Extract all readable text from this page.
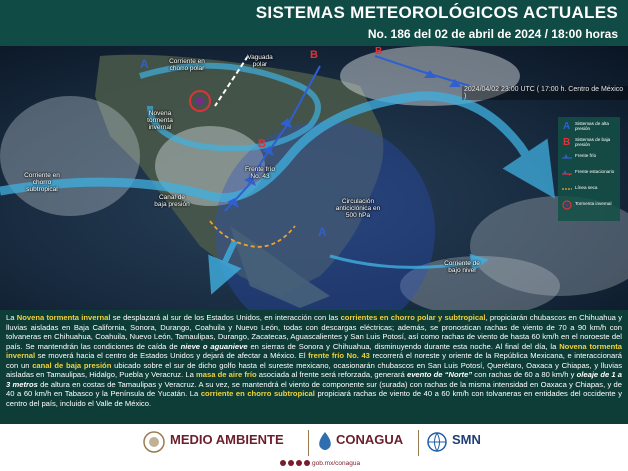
SISTEMAS METEOROLÓGICOS ACTUALES
No. 186 del 02 de abril de 2024 / 18:00 horas
A
A
B
B
B
2024/04/02 23:00 UTC ( 17:00 h. Centro de México )
Corriente en chorro polar
Vaguada polar
Novena tormenta invernal
Frente frío No. 43
Canal de baja presión	Circulación anticiclónica en 500 hPa
Corriente en chorro subtropical
Corriente de bajo nivel
A Sistemas de alta presión
B Sistemas de baja presión
Frente frío
Frente estacionario
Línea seca
Tormenta invernal
La Novena tormenta invernal se desplazará al sur de los Estados Unidos, en interacción con las corrientes en chorro polar y subtropical, propiciarán chubascos en Chihuahua y lluvias aisladas en Baja California, Sonora, Durango, Coahuila y Nuevo León, todas con descargas eléctricas; además, se pronostican rachas de viento de 70 a 90 km/h con tolvaneras en Chihuahua, Coahuila, Nuevo León, Tamaulipas, Durango, Zacatecas, Aguascalientes y San Luis Potosí, así como rachas de viento de hasta 60 km/h en el noroeste del país. Se mantendrán las condiciones de caída de nieve o aguanieve en sierras de Sonora y Chihuahua, disminuyendo durante esta noche. Al final del día, la Novena tormenta invernal se moverá hacia el centro de Estados Unidos y dejará de afectar a México. El frente frío No. 43 recorrerá el noreste y oriente de la República Mexicana, e interaccionará con un canal de baja presión ubicado sobre el sur de dicho golfo hasta el sureste mexicano, ocasionarán chubascos en San Luis Potosí, Querétaro, Oaxaca y Chiapas, y lluvias aisladas en Tamaulipas, Hidalgo, Puebla y Veracruz. La masa de aire frío asociada al frente será reforzada, generará evento de “Norte” con rachas de 60 a 80 km/h y oleaje de 1 a 3 metros de altura en costas de Tamaulipas y Veracruz. A su vez, se mantendrá el viento de componente sur (surada) con rachas de la misma intensidad en Oaxaca y Chiapas, y de 40 a 60 km/h en Tabasco y la Península de Yucatán. La corriente en chorro subtropical propiciará rachas de viento de 40 a 60 km/h con tolvaneras en entidades del occidente y centro del país, incluido el Valle de México.
MEDIO AMBIENTE	CONAGUA	SMN
gob.mx/conagua
